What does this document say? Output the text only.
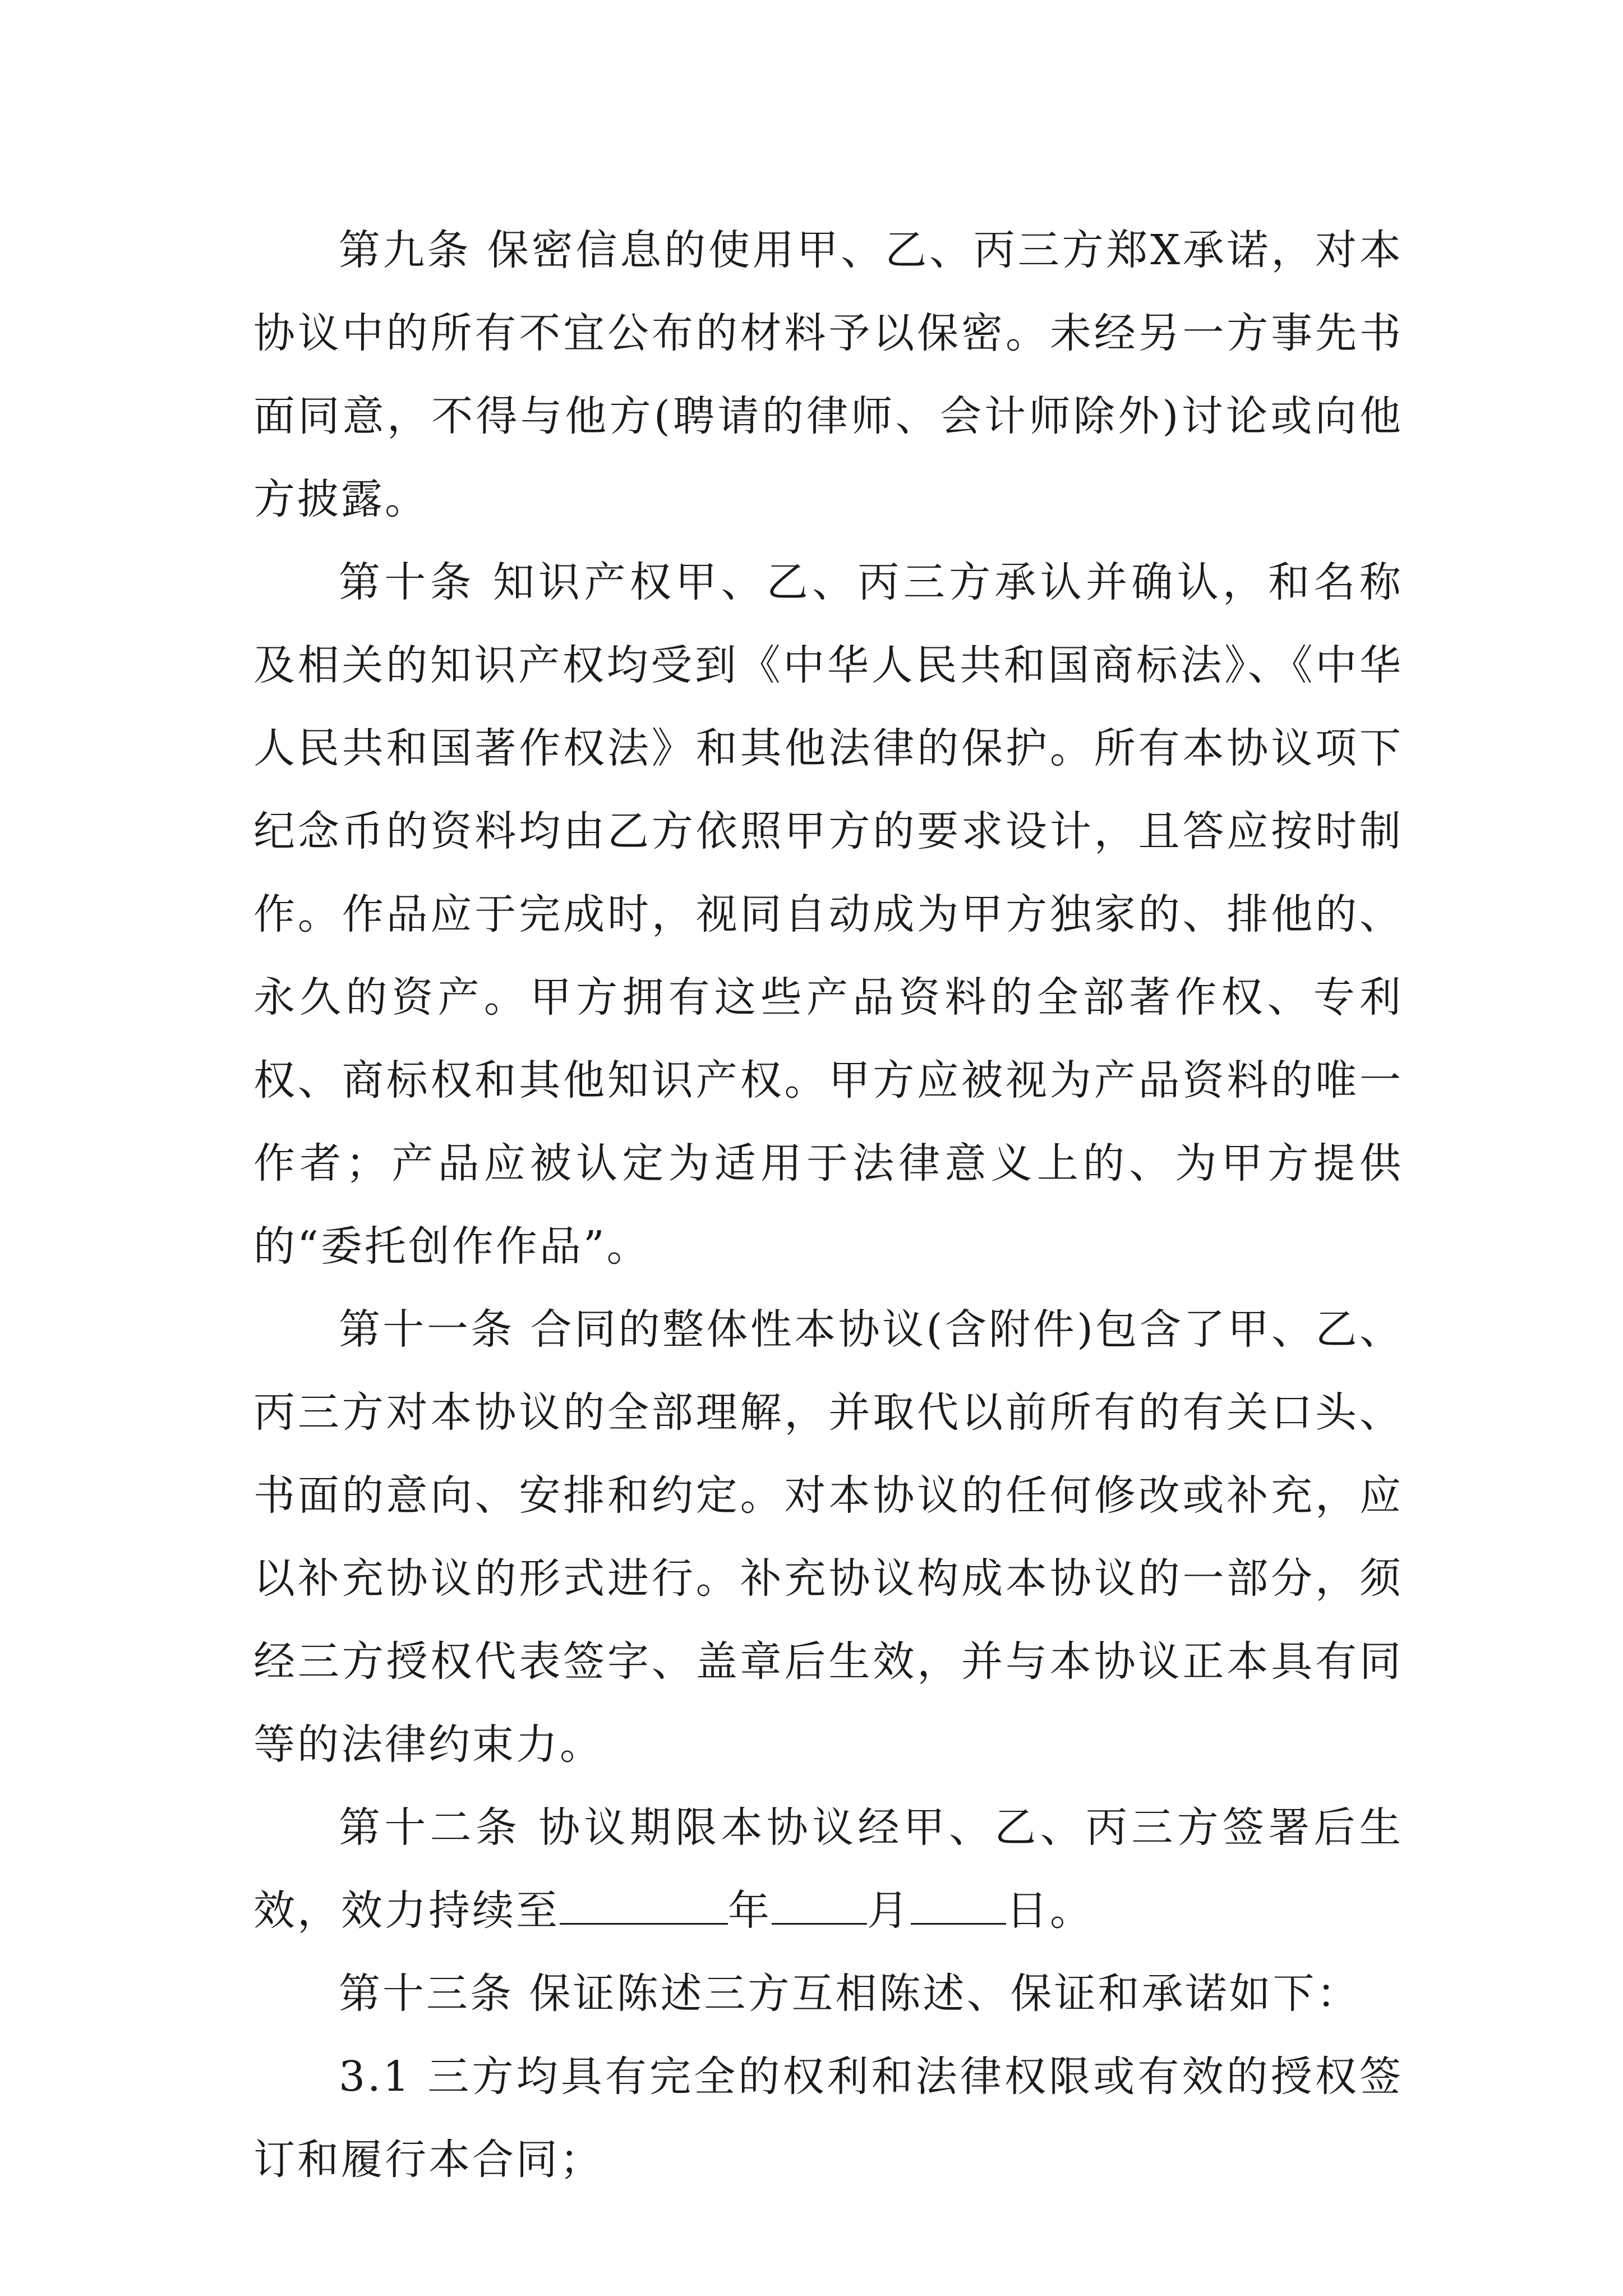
第九条 保密信息的使用甲、乙、丙三方郑X承诺，对本协议中的所有不宜公布的材料予以保密。未经另一方事先书面同意，不得与他方(聘请的律师、会计师除外)讨论或向他方披露。

第十条 知识产权甲、乙、丙三方承认并确认，和名称及相关的知识产权均受到《中华人民共和国商标法》、《中华人民共和国著作权法》和其他法律的保护。所有本协议项下纪念币的资料均由乙方依照甲方的要求设计，且答应按时制作。作品应于完成时，视同自动成为甲方独家的、排他的、永久的资产。甲方拥有这些产品资料的全部著作权、专利权、商标权和其他知识产权。甲方应被视为产品资料的唯一作者；产品应被认定为适用于法律意义上的、为甲方提供的“委托创作作品”。

第十一条 合同的整体性本协议(含附件)包含了甲、乙、丙三方对本协议的全部理解，并取代以前所有的有关口头、书面的意向、安排和约定。对本协议的任何修改或补充，应以补充协议的形式进行。补充协议构成本协议的一部分，须经三方授权代表签字、盖章后生效，并与本协议正本具有同等的法律约束力。

第十二条 协议期限本协议经甲、乙、丙三方签署后生效，效力持续至	年 月 日。

第十三条 保证陈述三方互相陈述、保证和承诺如下：

3.1 三方均具有完全的权利和法律权限或有效的授权签订和履行本合同；
